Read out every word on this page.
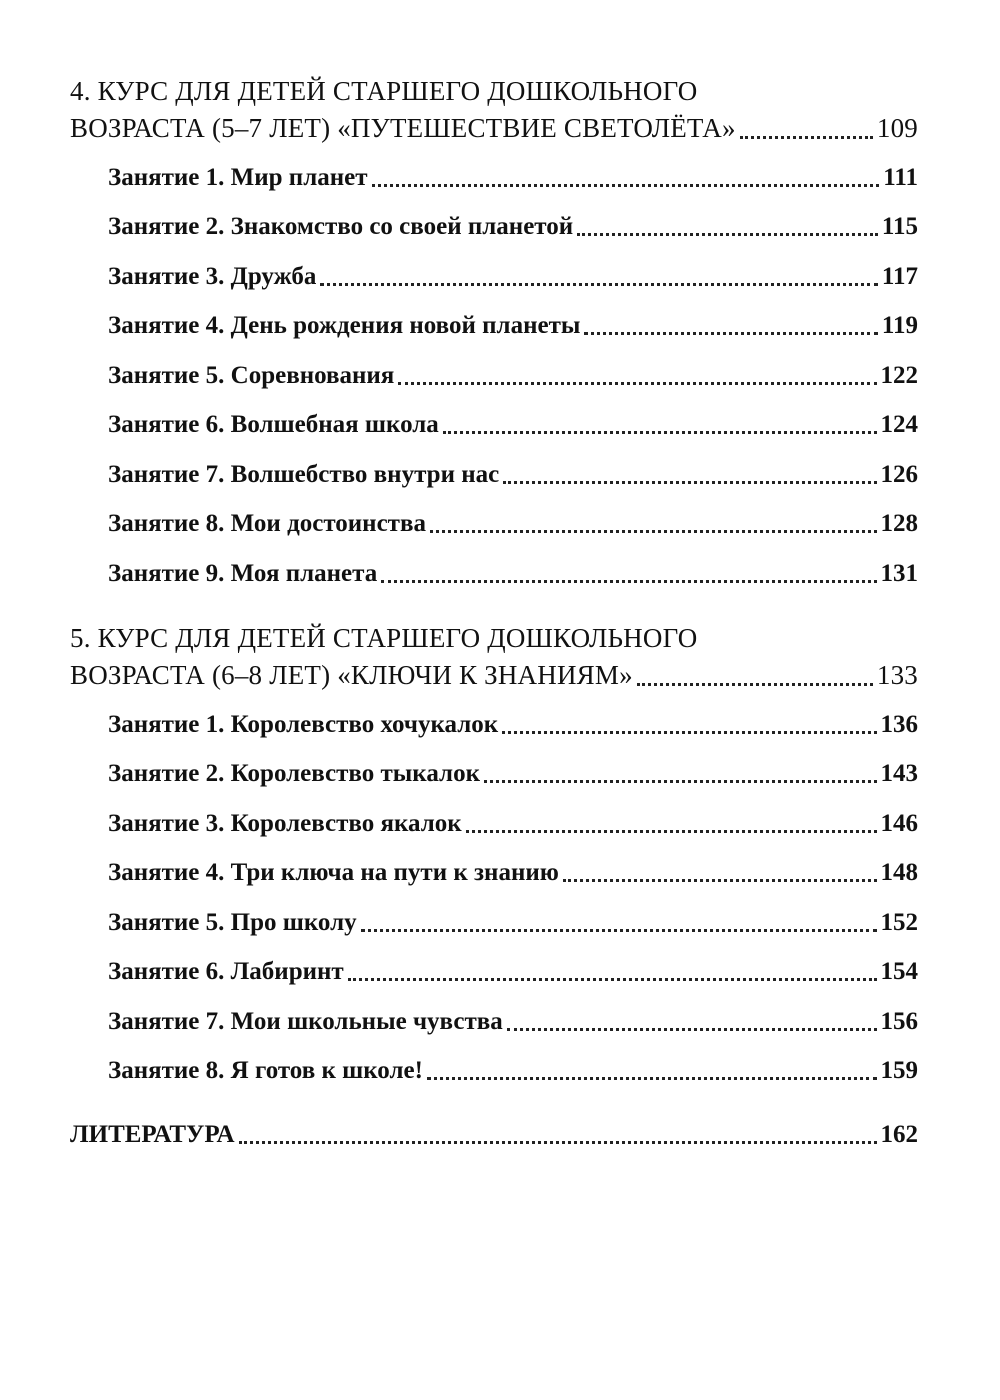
4. КУРС ДЛЯ ДЕТЕЙ СТАРШЕГО ДОШКОЛЬНОГО
ВОЗРАСТА (5–7 ЛЕТ) «ПУТЕШЕСТВИЕ СВЕТОЛЁТА»	109
Занятие 1. Мир планет	111
Занятие 2. Знакомство со своей планетой	115
Занятие 3. Дружба	117
Занятие 4. День рождения новой планеты	119
Занятие 5. Соревнования	122
Занятие 6. Волшебная школа	124
Занятие 7. Волшебство внутри нас	126
Занятие 8. Мои достоинства	128
Занятие 9. Моя планета	131
5. КУРС ДЛЯ ДЕТЕЙ СТАРШЕГО ДОШКОЛЬНОГО
ВОЗРАСТА (6–8 ЛЕТ) «КЛЮЧИ К ЗНАНИЯМ»	133
Занятие 1. Королевство хочукалок	136
Занятие 2. Королевство тыкалок	143
Занятие 3. Королевство якалок	146
Занятие 4. Три ключа на пути к знанию	148
Занятие 5. Про школу	152
Занятие 6. Лабиринт	154
Занятие 7. Мои школьные чувства	156
Занятие 8. Я готов к школе!	159
ЛИТЕРАТУРА	162
